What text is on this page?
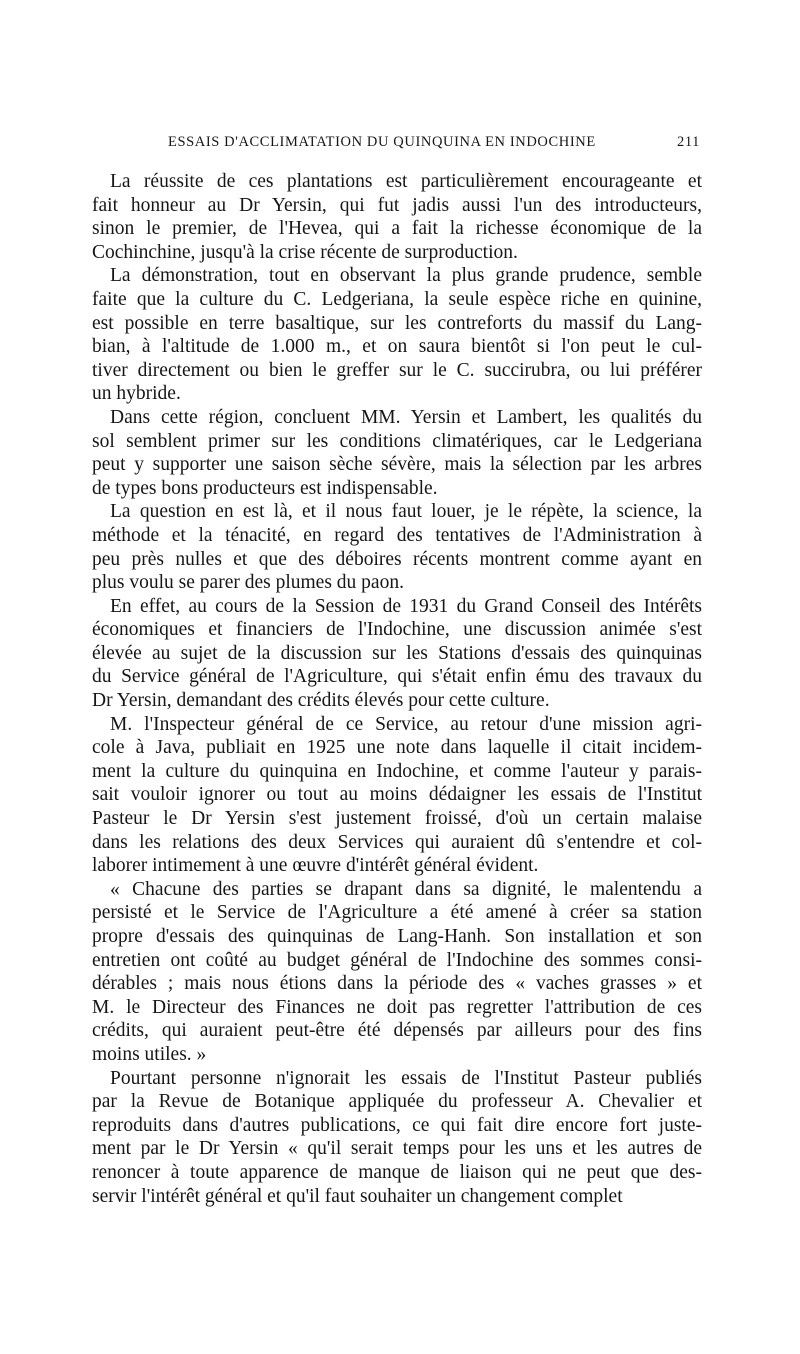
ESSAIS D'ACCLIMATATION DU QUINQUINA EN INDOCHINE	211
La réussite de ces plantations est particulièrement encourageante et
fait honneur au Dr Yersin, qui fut jadis aussi l'un des introducteurs,
sinon le premier, de l'Hevea, qui a fait la richesse économique de la
Cochinchine, jusqu'à la crise récente de surproduction.
La démonstration, tout en observant la plus grande prudence, semble
faite que la culture du C. Ledgeriana, la seule espèce riche en quinine,
est possible en terre basaltique, sur les contreforts du massif du Lang-
bian, à l'altitude de 1.000 m., et on saura bientôt si l'on peut le cul-
tiver directement ou bien le greffer sur le C. succirubra, ou lui préférer
un hybride.
Dans cette région, concluent MM. Yersin et Lambert, les qualités du
sol semblent primer sur les conditions climatériques, car le Ledgeriana
peut y supporter une saison sèche sévère, mais la sélection par les arbres
de types bons producteurs est indispensable.
La question en est là, et il nous faut louer, je le répète, la science, la
méthode et la ténacité, en regard des tentatives de l'Administration à
peu près nulles et que des déboires récents montrent comme ayant en
plus voulu se parer des plumes du paon.
En effet, au cours de la Session de 1931 du Grand Conseil des Intérêts
économiques et financiers de l'Indochine, une discussion animée s'est
élevée au sujet de la discussion sur les Stations d'essais des quinquinas
du Service général de l'Agriculture, qui s'était enfin ému des travaux du
Dr Yersin, demandant des crédits élevés pour cette culture.
M. l'Inspecteur général de ce Service, au retour d'une mission agri-
cole à Java, publiait en 1925 une note dans laquelle il citait incidem-
ment la culture du quinquina en Indochine, et comme l'auteur y parais-
sait vouloir ignorer ou tout au moins dédaigner les essais de l'Institut
Pasteur le Dr Yersin s'est justement froissé, d'où un certain malaise
dans les relations des deux Services qui auraient dû s'entendre et col-
laborer intimement à une œuvre d'intérêt général évident.
« Chacune des parties se drapant dans sa dignité, le malentendu a
persisté et le Service de l'Agriculture a été amené à créer sa station
propre d'essais des quinquinas de Lang-Hanh. Son installation et son
entretien ont coûté au budget général de l'Indochine des sommes consi-
dérables ; mais nous étions dans la période des « vaches grasses » et
M. le Directeur des Finances ne doit pas regretter l'attribution de ces
crédits, qui auraient peut-être été dépensés par ailleurs pour des fins
moins utiles. »
Pourtant personne n'ignorait les essais de l'Institut Pasteur publiés
par la Revue de Botanique appliquée du professeur A. Chevalier et
reproduits dans d'autres publications, ce qui fait dire encore fort juste-
ment par le Dr Yersin « qu'il serait temps pour les uns et les autres de
renoncer à toute apparence de manque de liaison qui ne peut que des-
servir l'intérêt général et qu'il faut souhaiter un changement complet
